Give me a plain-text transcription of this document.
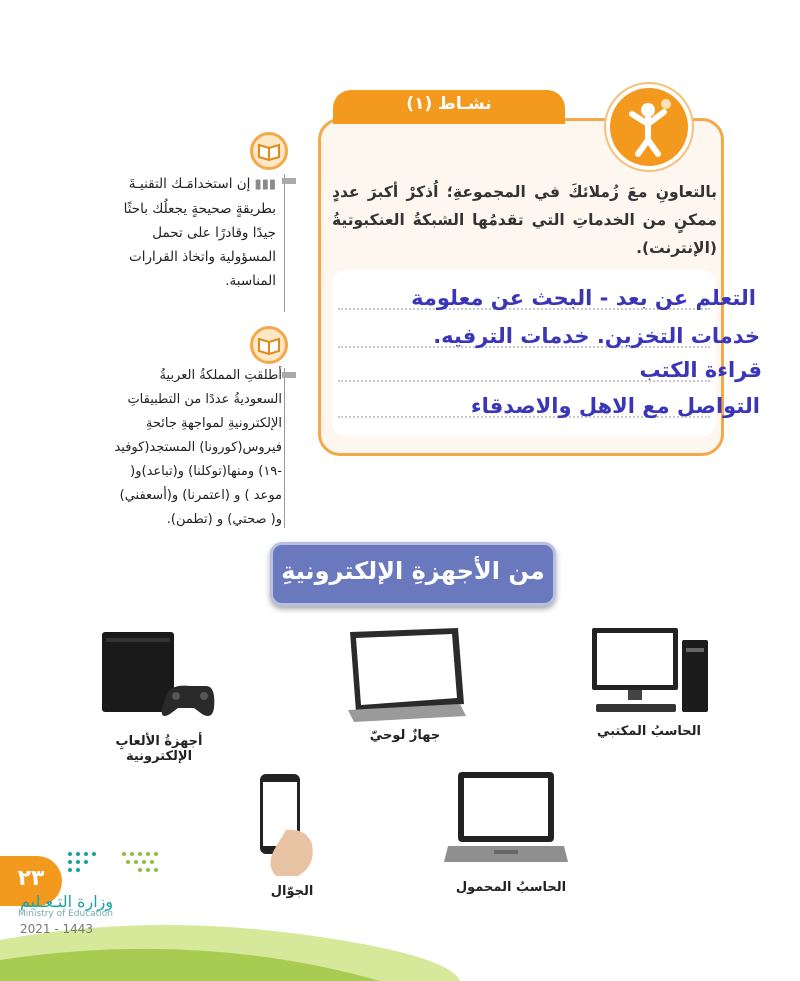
نشـاط (١)
بالتعاونِ معَ زُملائكَ في المجموعةِ؛ اُذكرْ أكبرَ عددٍ ممكنٍ من الخدماتِ التي تقدمُها الشبكةُ العنكبوتيةُ (الإنترنت).
التعلم عن بعد - البحث عن معلومة
خدمات التخزين. خدمات الترفيه.
قراءة الكتب
التواصل مع الاهل والاصدقاء
▮▮▮ إن استخدامَـك التقنيـةَ بطريقةٍ صحيحةٍ يجعلُك باحثًا جيدًا وقادرًا على تحمل المسؤولية واتخاذ القرارات المناسبة.
أطلقتِ المملكةُ العربيةُ السعوديةُ عددًا من التطبيقاتِ الإلكترونيةِ لمواجهةِ جائحةِ فيروس(كورونا) المستجد(كوفيد -١٩) ومنها(توكلنا) و(تباعد)و( موعد ) و (اعتمرنا) و(أسعفني) و( صحتي) و (تطمن).
من الأجهزةِ الإلكترونيةِ
أجهزةُ الألعابِ الإلكترونية
جهازٌ لوحيّ	الحاسبُ المكتبي
الجوّال	الحاسبُ المحمول
٢٣
وزارة التـعـليم
Ministry of Education
2021 - 1443
